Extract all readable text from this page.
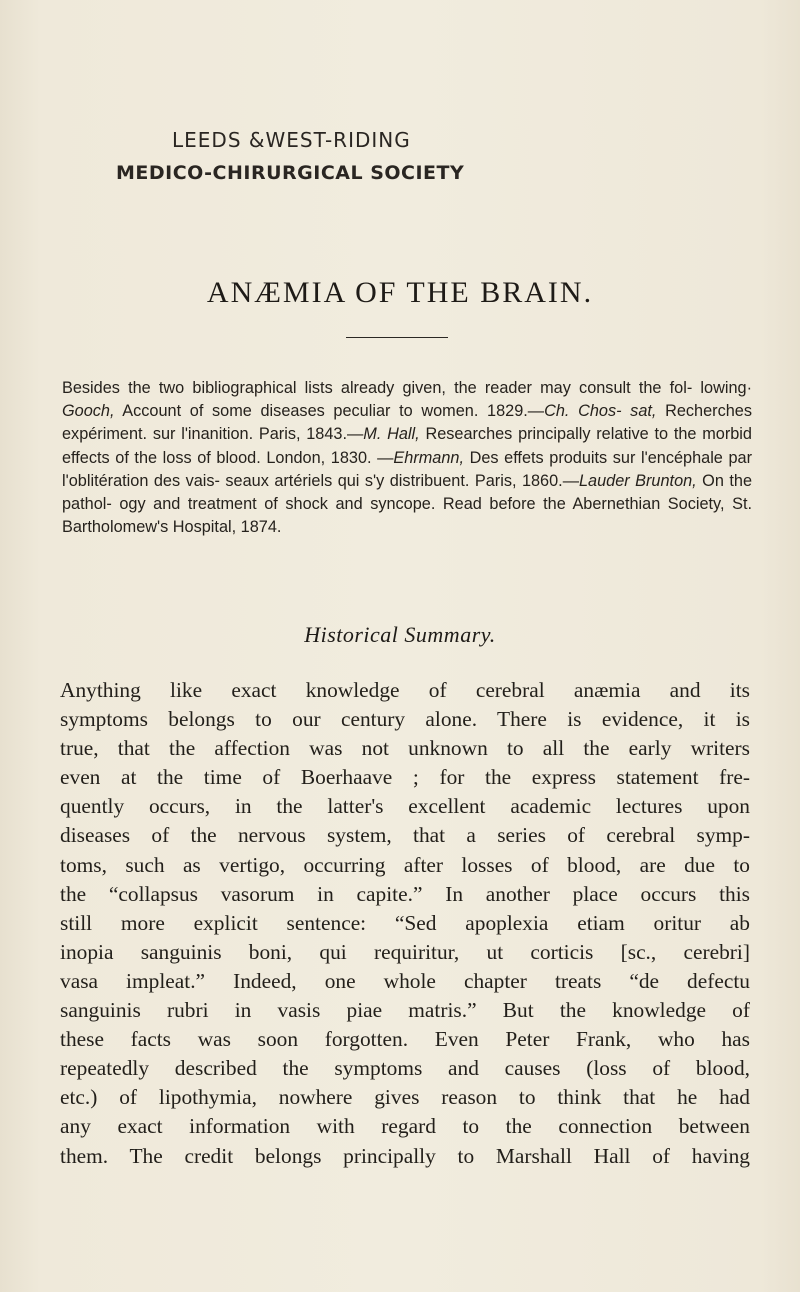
LEEDS &WEST-RIDING
MEDICO-CHIRURGICAL SOCIETY
ANÆMIA OF THE BRAIN.
Besides the two bibliographical lists already given, the reader may consult the fol- lowing· Gooch, Account of some diseases peculiar to women. 1829.—Ch. Chos- sat, Recherches expériment. sur l'inanition. Paris, 1843.—M. Hall, Researches principally relative to the morbid effects of the loss of blood. London, 1830. —Ehrmann, Des effets produits sur l'encéphale par l'oblitération des vais- seaux artériels qui s'y distribuent. Paris, 1860.—Lauder Brunton, On the pathol- ogy and treatment of shock and syncope. Read before the Abernethian Society, St. Bartholomew's Hospital, 1874.
Historical Summary.
Anything like exact knowledge of cerebral anæmia and its
symptoms belongs to our century alone. There is evidence, it is
true, that the affection was not unknown to all the early writers
even at the time of Boerhaave ; for the express statement fre-
quently occurs, in the latter's excellent academic lectures upon
diseases of the nervous system, that a series of cerebral symp-
toms, such as vertigo, occurring after losses of blood, are due to
the “collapsus vasorum in capite.” In another place occurs this
still more explicit sentence: “Sed apoplexia etiam oritur ab
inopia sanguinis boni, qui requiritur, ut corticis [sc., cerebri]
vasa impleat.” Indeed, one whole chapter treats “de defectu
sanguinis rubri in vasis piae matris.” But the knowledge of
these facts was soon forgotten. Even Peter Frank, who has
repeatedly described the symptoms and causes (loss of blood,
etc.) of lipothymia, nowhere gives reason to think that he had
any exact information with regard to the connection between
them. The credit belongs principally to Marshall Hall of having
